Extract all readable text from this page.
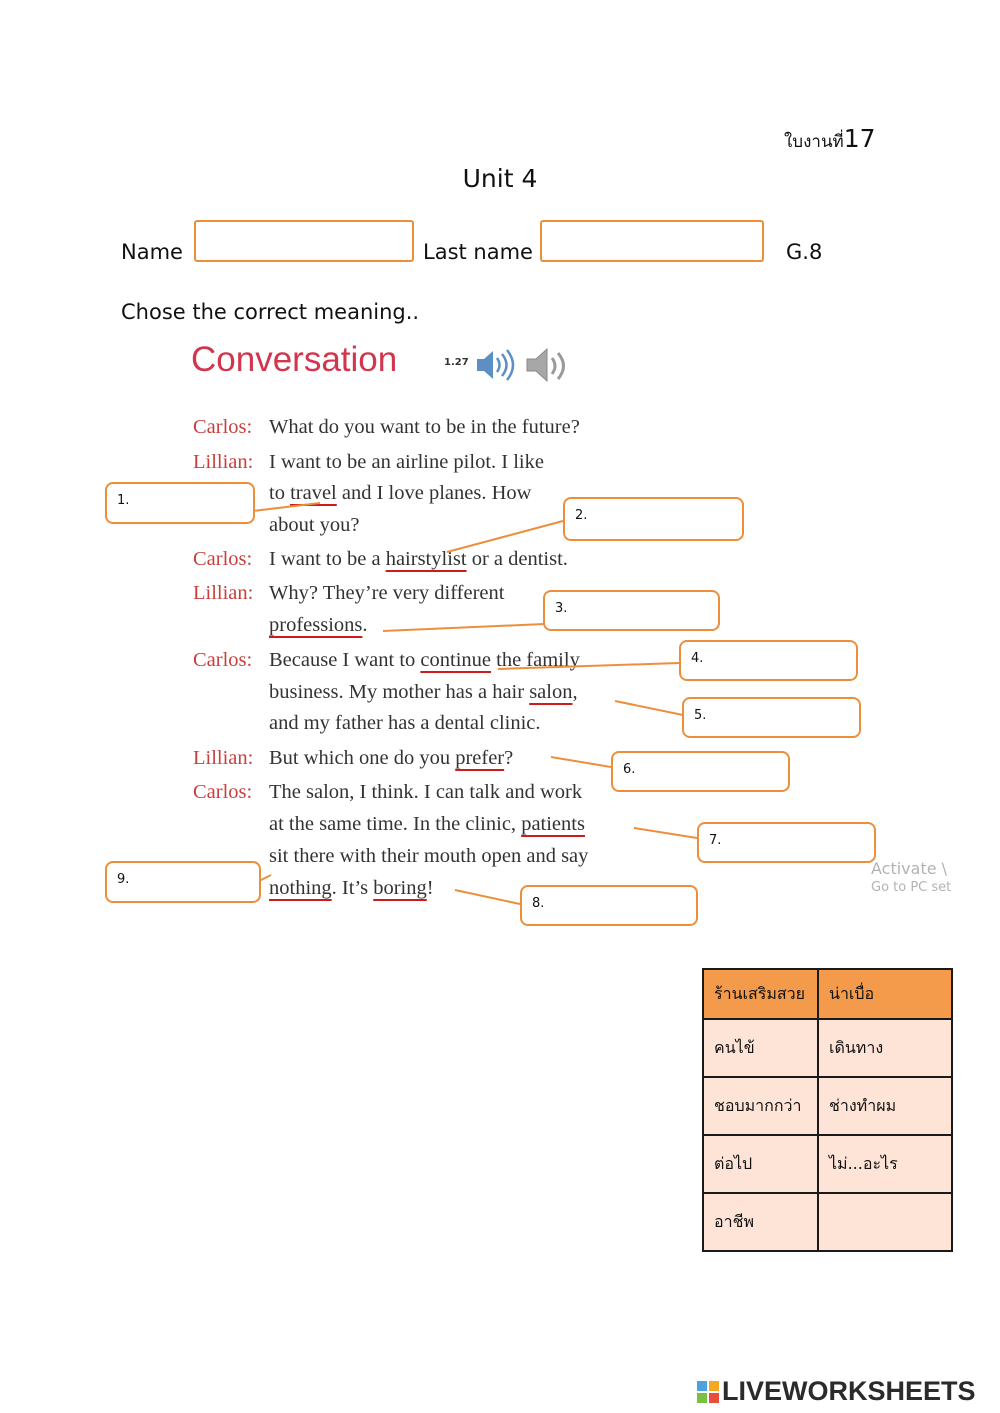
ใบงานที่17
Unit 4
Name	Last name	G.8
Chose the correct meaning..
Conversation	1.27
Carlos: What do you want to be in the future?
Lillian: I want to be an airline pilot. I like
to travel and I love planes. How
about you?
Carlos: I want to be a hairstylist or a dentist.
Lillian: Why? They’re very different
professions.
Carlos: Because I want to continue the family
business. My mother has a hair salon,
and my father has a dental clinic.
Lillian: But which one do you prefer?
Carlos: The salon, I think. I can talk and work
at the same time. In the clinic, patients
sit there with their mouth open and say
nothing. It’s boring!
1.
2.
3.
4.
5.
6.
7.
8.
9.
Activate \
Go to PC set
ร้านเสริมสวย	น่าเบื่อ
คนไข้	เดินทาง
ชอบมากกว่า	ช่างทำผม
ต่อไป	ไม่...อะไร
อาชีพ	
LIVEWORKSHEETS
